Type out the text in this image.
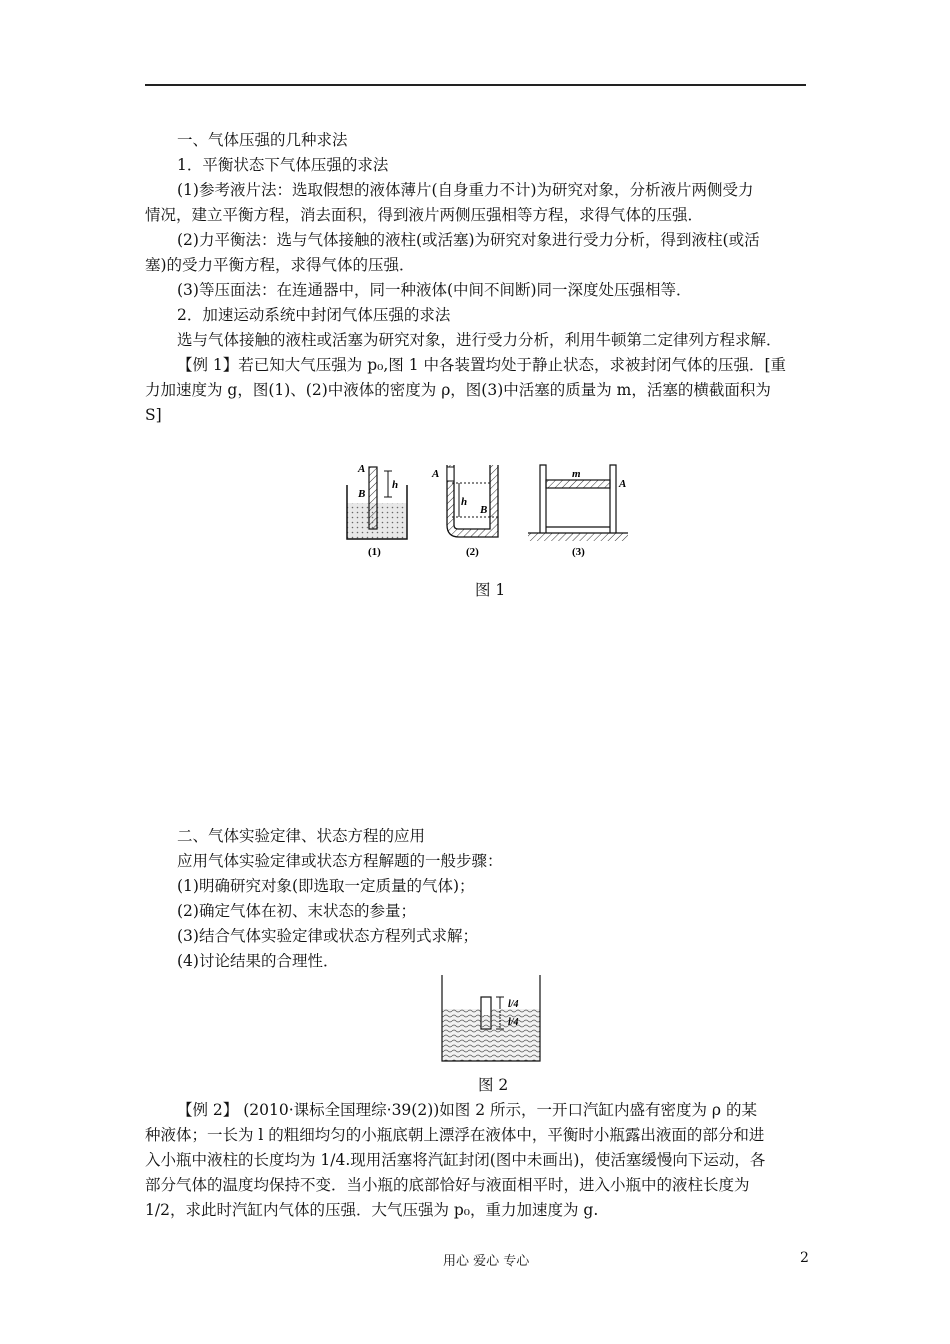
一、气体压强的几种求法
1．平衡状态下气体压强的求法
(1)参考液片法：选取假想的液体薄片(自身重力不计)为研究对象，分析液片两侧受力
情况，建立平衡方程，消去面积，得到液片两侧压强相等方程，求得气体的压强．
(2)力平衡法：选与气体接触的液柱(或活塞)为研究对象进行受力分析，得到液柱(或活
塞)的受力平衡方程，求得气体的压强．
(3)等压面法：在连通器中，同一种液体(中间不间断)同一深度处压强相等．
2．加速运动系统中封闭气体压强的求法
选与气体接触的液柱或活塞为研究对象，进行受力分析，利用牛顿第二定律列方程求解．
【例 1】若已知大气压强为 p₀,图 1 中各装置均处于静止状态，求被封闭气体的压强．[重
力加速度为 g，图(1)、(2)中液体的密度为 ρ，图(3)中活塞的质量为 m，活塞的横截面积为
S]
A
B
h
(1)
A
h
B
(2)
m
A
(3)
图 1
二、气体实验定律、状态方程的应用
应用气体实验定律或状态方程解题的一般步骤：
(1)明确研究对象(即选取一定质量的气体)；
(2)确定气体在初、末状态的参量；
(3)结合气体实验定律或状态方程列式求解；
(4)讨论结果的合理性．
l/4
l/4
图 2
【例 2】 (2010·课标全国理综·39(2))如图 2 所示，一开口汽缸内盛有密度为 ρ 的某
种液体；一长为 l 的粗细均匀的小瓶底朝上漂浮在液体中，平衡时小瓶露出液面的部分和进
入小瓶中液柱的长度均为 1/4.现用活塞将汽缸封闭(图中未画出)，使活塞缓慢向下运动，各
部分气体的温度均保持不变．当小瓶的底部恰好与液面相平时，进入小瓶中的液柱长度为
1/2，求此时汽缸内气体的压强．大气压强为 p₀，重力加速度为 g.
用心 爱心 专心	2
